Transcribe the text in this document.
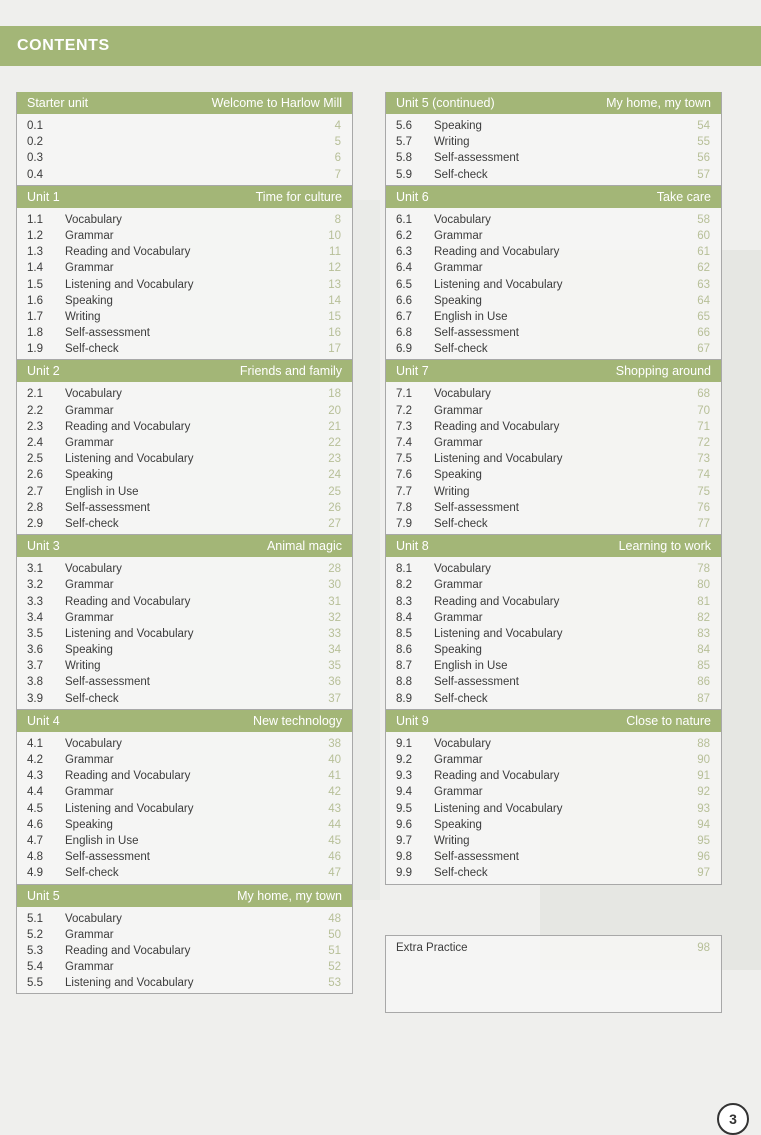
CONTENTS
Starter unit	Welcome to Harlow Mill
0.1	4
0.2	5
0.3	6
0.4	7
Unit 1	Time for culture
1.1	Vocabulary	8
1.2	Grammar	10
1.3	Reading and Vocabulary	11
1.4	Grammar	12
1.5	Listening and Vocabulary	13
1.6	Speaking	14
1.7	Writing	15
1.8	Self-assessment	16
1.9	Self-check	17
Unit 2	Friends and family
2.1	Vocabulary	18
2.2	Grammar	20
2.3	Reading and Vocabulary	21
2.4	Grammar	22
2.5	Listening and Vocabulary	23
2.6	Speaking	24
2.7	English in Use	25
2.8	Self-assessment	26
2.9	Self-check	27
Unit 3	Animal magic
3.1	Vocabulary	28
3.2	Grammar	30
3.3	Reading and Vocabulary	31
3.4	Grammar	32
3.5	Listening and Vocabulary	33
3.6	Speaking	34
3.7	Writing	35
3.8	Self-assessment	36
3.9	Self-check	37
Unit 4	New technology
4.1	Vocabulary	38
4.2	Grammar	40
4.3	Reading and Vocabulary	41
4.4	Grammar	42
4.5	Listening and Vocabulary	43
4.6	Speaking	44
4.7	English in Use	45
4.8	Self-assessment	46
4.9	Self-check	47
Unit 5	My home, my town
5.1	Vocabulary	48
5.2	Grammar	50
5.3	Reading and Vocabulary	51
5.4	Grammar	52
5.5	Listening and Vocabulary	53
Unit 5 (continued)	My home, my town
5.6	Speaking	54
5.7	Writing	55
5.8	Self-assessment	56
5.9	Self-check	57
Unit 6	Take care
6.1	Vocabulary	58
6.2	Grammar	60
6.3	Reading and Vocabulary	61
6.4	Grammar	62
6.5	Listening and Vocabulary	63
6.6	Speaking	64
6.7	English in Use	65
6.8	Self-assessment	66
6.9	Self-check	67
Unit 7	Shopping around
7.1	Vocabulary	68
7.2	Grammar	70
7.3	Reading and Vocabulary	71
7.4	Grammar	72
7.5	Listening and Vocabulary	73
7.6	Speaking	74
7.7	Writing	75
7.8	Self-assessment	76
7.9	Self-check	77
Unit 8	Learning to work
8.1	Vocabulary	78
8.2	Grammar	80
8.3	Reading and Vocabulary	81
8.4	Grammar	82
8.5	Listening and Vocabulary	83
8.6	Speaking	84
8.7	English in Use	85
8.8	Self-assessment	86
8.9	Self-check	87
Unit 9	Close to nature
9.1	Vocabulary	88
9.2	Grammar	90
9.3	Reading and Vocabulary	91
9.4	Grammar	92
9.5	Listening and Vocabulary	93
9.6	Speaking	94
9.7	Writing	95
9.8	Self-assessment	96
9.9	Self-check	97
Extra Practice	98
3
